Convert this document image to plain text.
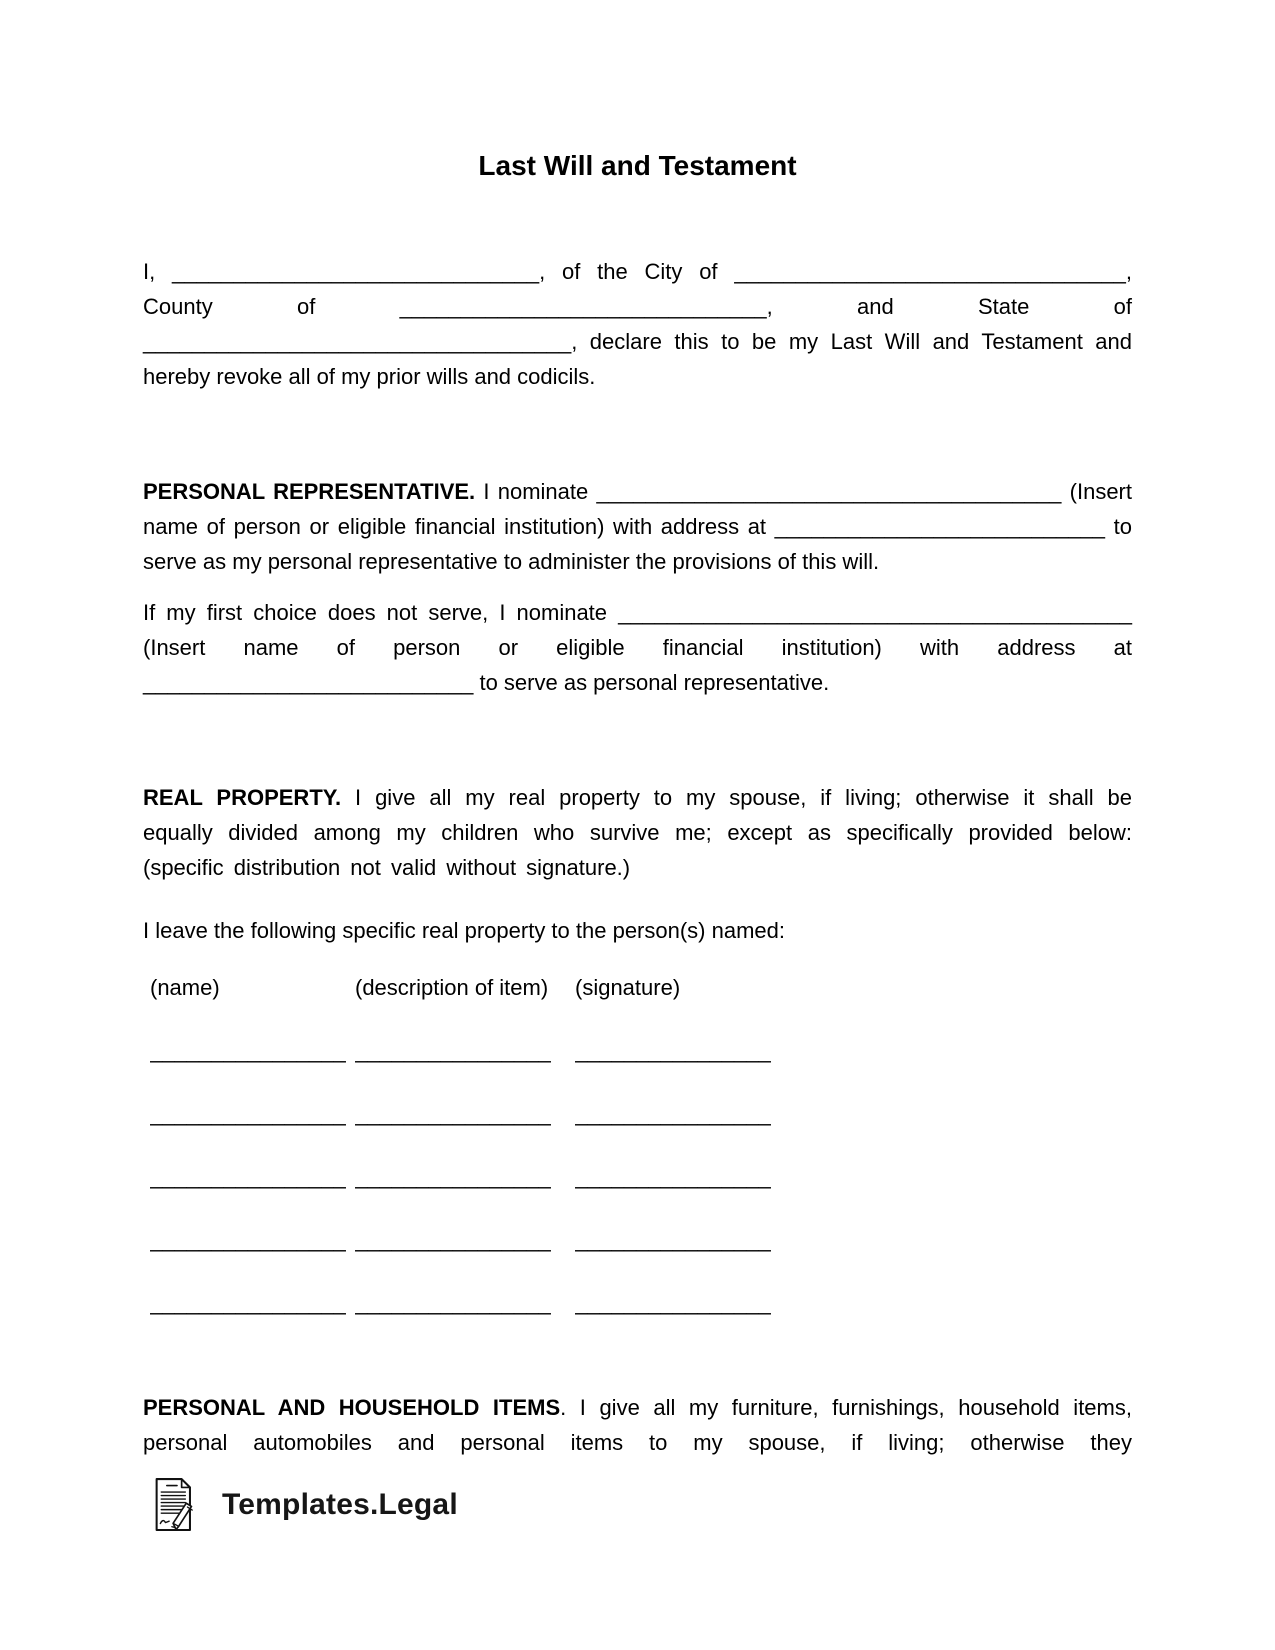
Last Will and Testament

I, ______________________________, of the City of ________________________________, County of ______________________________, and State of ___________________________________, declare this to be my Last Will and Testament and hereby revoke all of my prior wills and codicils.

PERSONAL REPRESENTATIVE. I nominate ______________________________________ (Insert name of person or eligible financial institution) with address at ___________________________ to serve as my personal representative to administer the provisions of this will.

If my first choice does not serve, I nominate __________________________________________ (Insert name of person or eligible financial institution) with address at ___________________________ to serve as personal representative.

REAL PROPERTY. I give all my real property to my spouse, if living; otherwise it shall be equally divided among my children who survive me; except as specifically provided below: (specific distribution not valid without signature.)

I leave the following specific real property to the person(s) named:

(name)	(description of item)	(signature)
________________ ________________	________________
________________ ________________	________________
________________ ________________	________________
________________ ________________	________________
________________ ________________	________________

PERSONAL AND HOUSEHOLD ITEMS. I give all my furniture, furnishings, household items, personal automobiles and personal items to my spouse, if living; otherwise they

Templates.Legal
